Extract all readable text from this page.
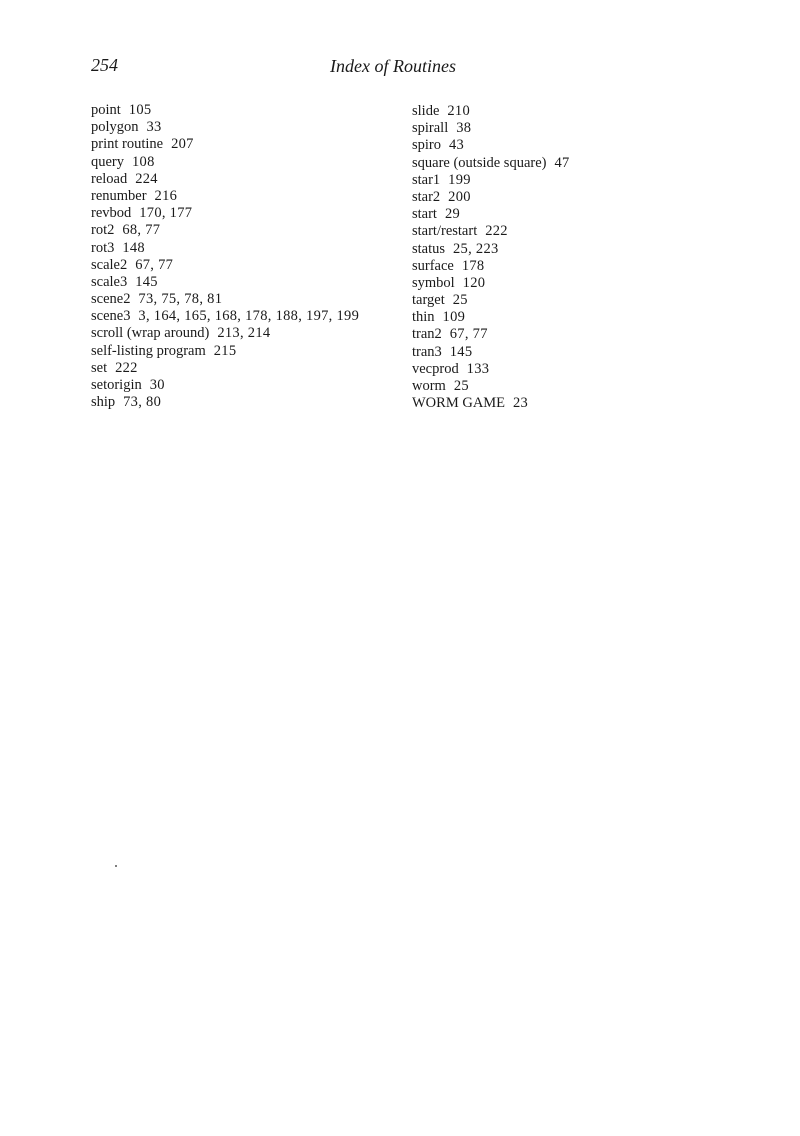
254	Index of Routines
point 105
polygon 33
print routine 207
query 108
reload 224
renumber 216
revbod 170, 177
rot2 68, 77
rot3 148
scale2 67, 77
scale3 145
scene2 73, 75, 78, 81
scene3 3, 164, 165, 168, 178, 188, 197, 199
scroll (wrap around) 213, 214
self-listing program 215
set 222
setorigin 30
ship 73, 80
slide 210
spirall 38
spiro 43
square (outside square) 47
star1 199
star2 200
start 29
start/restart 222
status 25, 223
surface 178
symbol 120
target 25
thin 109
tran2 67, 77
tran3 145
vecprod 133
worm 25
WORM GAME 23
